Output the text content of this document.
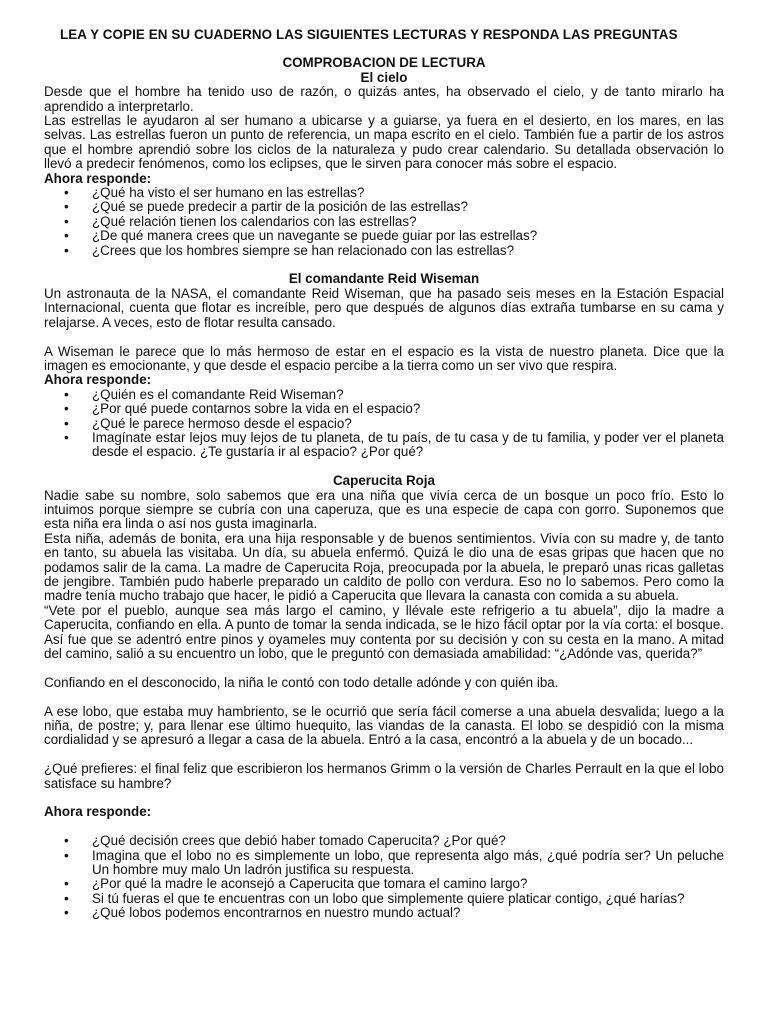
LEA Y COPIE EN SU CUADERNO LAS SIGUIENTES LECTURAS Y RESPONDA LAS PREGUNTAS
COMPROBACION DE LECTURA
El cielo

Desde que el hombre ha tenido uso de razón, o quizás antes, ha observado el cielo, y de tanto mirarlo ha aprendido a interpretarlo.

Las estrellas le ayudaron al ser humano a ubicarse y a guiarse, ya fuera en el desierto, en los mares, en las selvas. Las estrellas fueron un punto de referencia, un mapa escrito en el cielo. También fue a partir de los astros que el hombre aprendió sobre los ciclos de la naturaleza y pudo crear calendario. Su detallada observación lo llevó a predecir fenómenos, como los eclipses, que le sirven para conocer más sobre el espacio.

Ahora responde:
• ¿Qué ha visto el ser humano en las estrellas?
• ¿Qué se puede predecir a partir de la posición de las estrellas?
• ¿Qué relación tienen los calendarios con las estrellas?
• ¿De qué manera crees que un navegante se puede guiar por las estrellas?
• ¿Crees que los hombres siempre se han relacionado con las estrellas?
El comandante Reid Wiseman

Un astronauta de la NASA, el comandante Reid Wiseman, que ha pasado seis meses en la Estación Espacial Internacional, cuenta que flotar es increíble, pero que después de algunos días extraña tumbarse en su cama y relajarse. A veces, esto de flotar resulta cansado.

A Wiseman le parece que lo más hermoso de estar en el espacio es la vista de nuestro planeta. Dice que la imagen es emocionante, y que desde el espacio percibe a la tierra como un ser vivo que respira.

Ahora responde:
• ¿Quién es el comandante Reid Wiseman?
• ¿Por qué puede contarnos sobre la vida en el espacio?
• ¿Qué le parece hermoso desde el espacio?
• Imagínate estar lejos muy lejos de tu planeta, de tu país, de tu casa y de tu familia, y poder ver el planeta desde el espacio. ¿Te gustaría ir al espacio? ¿Por qué?
Caperucita Roja

Nadie sabe su nombre, solo sabemos que era una niña que vivía cerca de un bosque un poco frío. Esto lo intuimos porque siempre se cubría con una caperuza, que es una especie de capa con gorro. Suponemos que esta niña era linda o así nos gusta imaginarla.

Esta niña, además de bonita, era una hija responsable y de buenos sentimientos. Vivía con su madre y, de tanto en tanto, su abuela las visitaba. Un día, su abuela enfermó. Quizá le dio una de esas gripas que hacen que no podamos salir de la cama. La madre de Caperucita Roja, preocupada por la abuela, le preparó unas ricas galletas de jengibre. También pudo haberle preparado un caldito de pollo con verdura. Eso no lo sabemos. Pero como la madre tenía mucho trabajo que hacer, le pidió a Caperucita que llevara la canasta con comida a su abuela.

“Vete por el pueblo, aunque sea más largo el camino, y llévale este refrigerio a tu abuela”, dijo la madre a Caperucita, confiando en ella. A punto de tomar la senda indicada, se le hizo fácil optar por la vía corta: el bosque. Así fue que se adentró entre pinos y oyameles muy contenta por su decisión y con su cesta en la mano. A mitad del camino, salió a su encuentro un lobo, que le preguntó con demasiada amabilidad: “¿Adónde vas, querida?”

Confiando en el desconocido, la niña le contó con todo detalle adónde y con quién iba.

A ese lobo, que estaba muy hambriento, se le ocurrió que sería fácil comerse a una abuela desvalida; luego a la niña, de postre; y, para llenar ese último huequito, las viandas de la canasta. El lobo se despidió con la misma cordialidad y se apresuró a llegar a casa de la abuela. Entró a la casa, encontró a la abuela y de un bocado...

¿Qué prefieres: el final feliz que escribieron los hermanos Grimm o la versión de Charles Perrault en la que el lobo satisface su hambre?

Ahora responde:
• ¿Qué decisión crees que debió haber tomado Caperucita? ¿Por qué?
• Imagina que el lobo no es simplemente un lobo, que representa algo más, ¿qué podría ser? Un peluche Un hombre muy malo Un ladrón justifica su respuesta.
• ¿Por qué la madre le aconsejó a Caperucita que tomara el camino largo?
• Si tú fueras el que te encuentras con un lobo que simplemente quiere platicar contigo, ¿qué harías?
• ¿Qué lobos podemos encontrarnos en nuestro mundo actual?
